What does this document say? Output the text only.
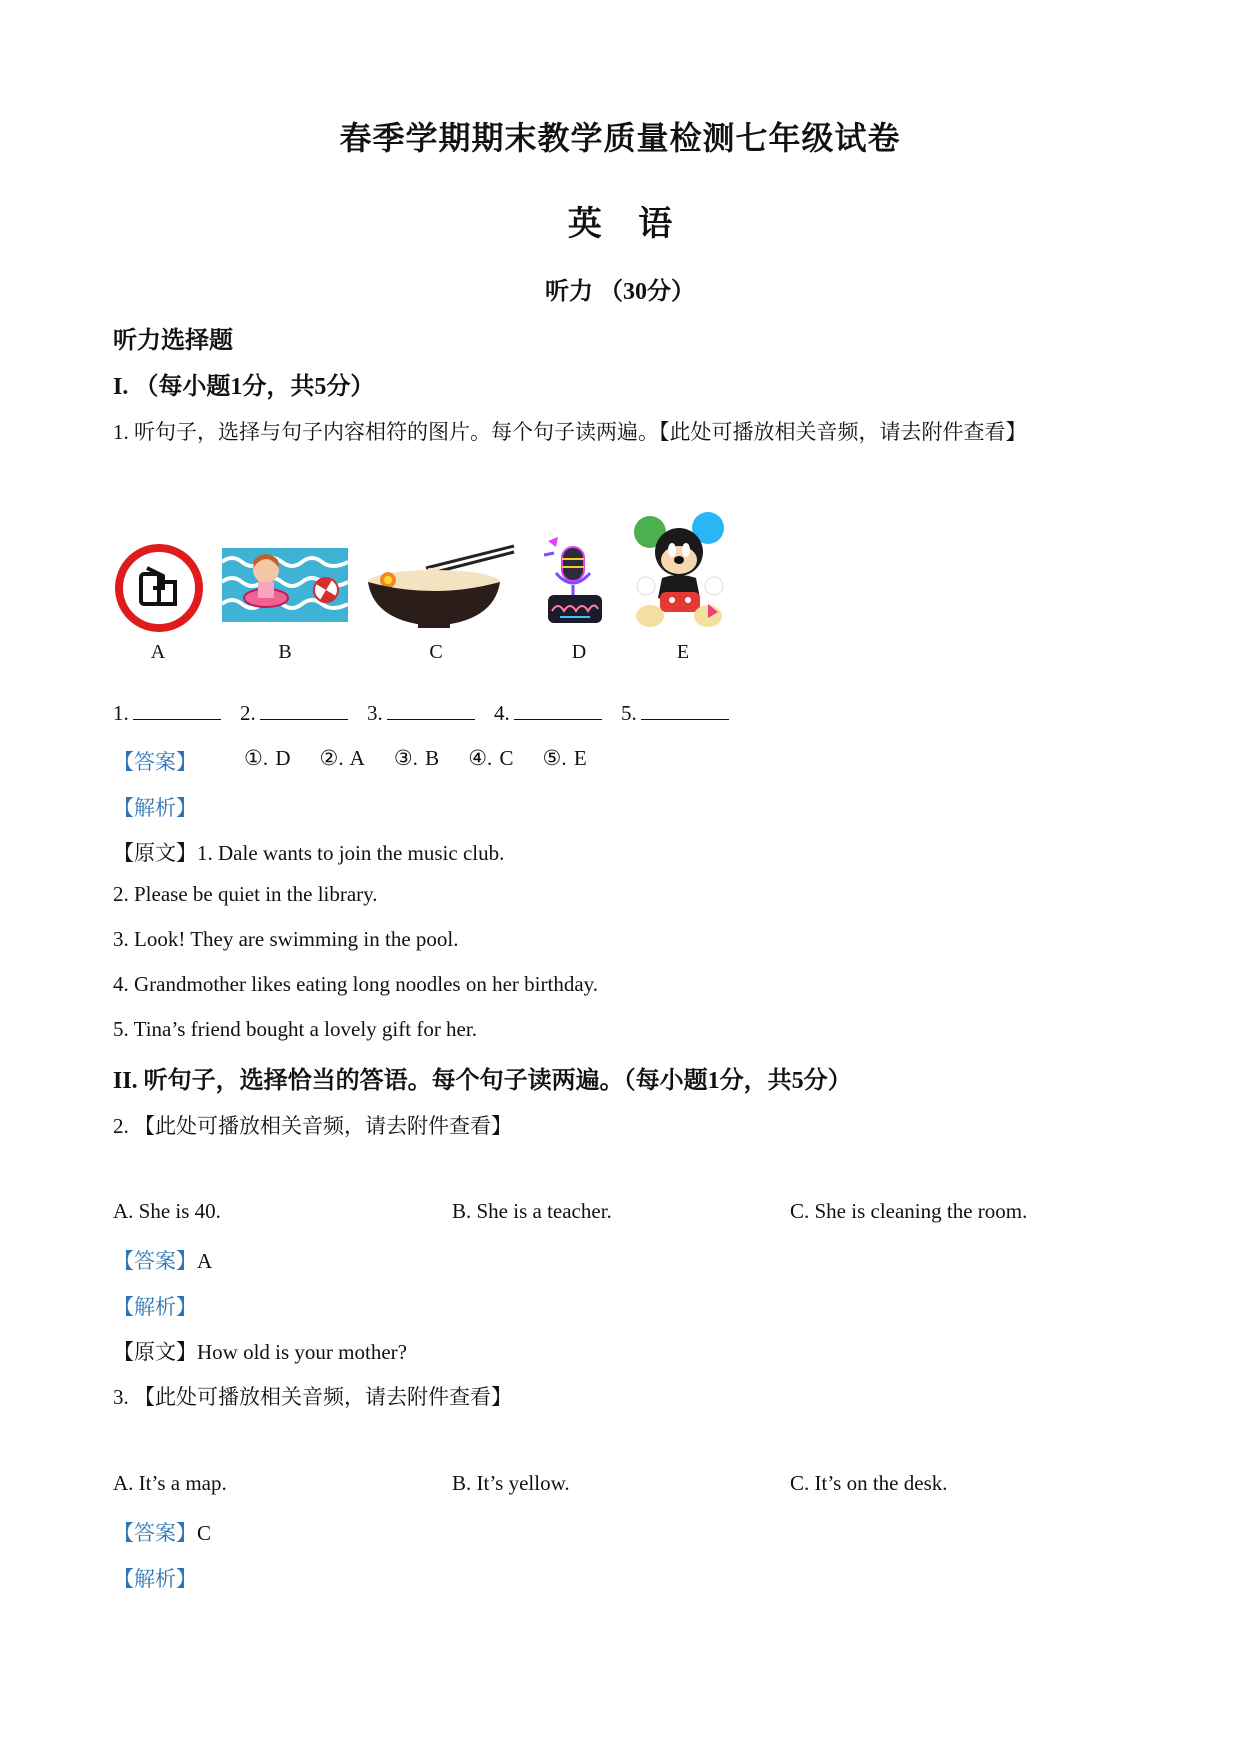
春季学期期末教学质量检测七年级试卷
英 语
听力 （30分）
听力选择题
I. （每小题1分，共5分）
1. 听句子，选择与句子内容相符的图片。每个句子读两遍。【此处可播放相关音频，请去附件查看】
A	B	C	D	E
1.	2.	3.	4.	5.
【答案】 ①. D ②. A ③. B ④. C ⑤. E
【解析】
【原文】1. Dale wants to join the music club.
2. Please be quiet in the library.
3. Look! They are swimming in the pool.
4. Grandmother likes eating long noodles on her birthday.
5. Tina’s friend bought a lovely gift for her.
II. 听句子，选择恰当的答语。每个句子读两遍。（每小题1分，共5分）
2. 【此处可播放相关音频，请去附件查看】
A. She is 40.	B. She is a teacher.	C. She is cleaning the room.
【答案】A
【解析】
【原文】How old is your mother?
3. 【此处可播放相关音频，请去附件查看】
A. It’s a map.	B. It’s yellow.	C. It’s on the desk.
【答案】C
【解析】
